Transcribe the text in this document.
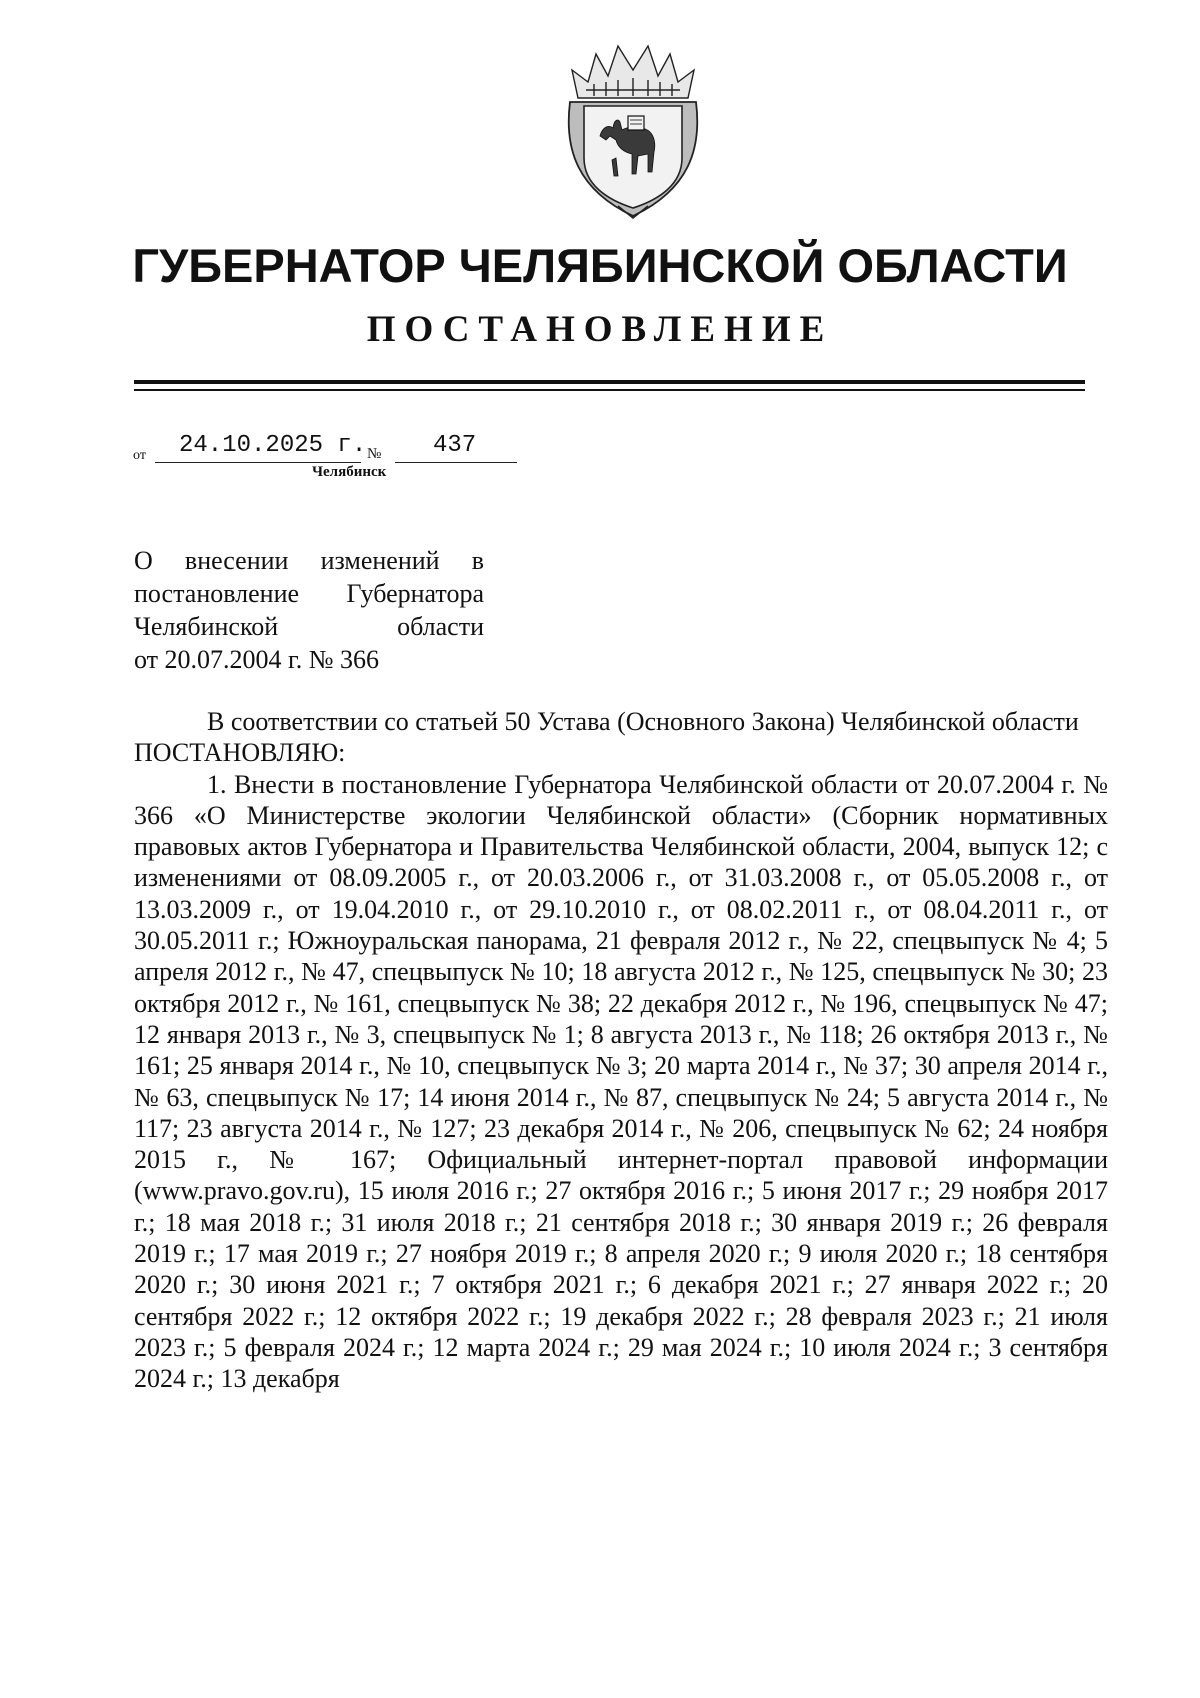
ГУБЕРНАТОР ЧЕЛЯБИНСКОЙ ОБЛАСТИ
ПОСТАНОВЛЕНИЕ
от 24.10.2025 г. № 437
Челябинск
О внесении изменений в
постановление Губернатора
Челябинской области
от 20.07.2004 г. № 366

В соответствии со статьей 50 Устава (Основного Закона) Челябинской области

ПОСТАНОВЛЯЮ:

1. Внести в постановление Губернатора Челябинской области от 20.07.2004 г. № 366 «О Министерстве экологии Челябинской области» (Сборник нормативных правовых актов Губернатора и Правительства Челябинской области, 2004, выпуск 12; с изменениями от 08.09.2005 г., от 20.03.2006 г., от 31.03.2008 г., от 05.05.2008 г., от 13.03.2009 г., от 19.04.2010 г., от 29.10.2010 г., от 08.02.2011 г., от 08.04.2011 г., от 30.05.2011 г.; Южноуральская панорама, 21 февраля 2012 г., № 22, спецвыпуск № 4; 5 апреля 2012 г., № 47, спецвыпуск № 10; 18 августа 2012 г., № 125, спецвыпуск № 30; 23 октября 2012 г., № 161, спецвыпуск № 38; 22 декабря 2012 г., № 196, спецвыпуск № 47; 12 января 2013 г., № 3, спецвыпуск № 1; 8 августа 2013 г., № 118; 26 октября 2013 г., № 161; 25 января 2014 г., № 10, спецвыпуск № 3; 20 марта 2014 г., № 37; 30 апреля 2014 г., № 63, спецвыпуск № 17; 14 июня 2014 г., № 87, спецвыпуск № 24; 5 августа 2014 г., № 117; 23 августа 2014 г., № 127; 23 декабря 2014 г., № 206, спецвыпуск № 62; 24 ноября 2015 г., № 167; Официальный интернет-портал правовой информации (www.pravo.gov.ru), 15 июля 2016 г.; 27 октября 2016 г.; 5 июня 2017 г.; 29 ноября 2017 г.; 18 мая 2018 г.; 31 июля 2018 г.; 21 сентября 2018 г.; 30 января 2019 г.; 26 февраля 2019 г.; 17 мая 2019 г.; 27 ноября 2019 г.; 8 апреля 2020 г.; 9 июля 2020 г.; 18 сентября 2020 г.; 30 июня 2021 г.; 7 октября 2021 г.; 6 декабря 2021 г.; 27 января 2022 г.; 20 сентября 2022 г.; 12 октября 2022 г.; 19 декабря 2022 г.; 28 февраля 2023 г.; 21 июля 2023 г.; 5 февраля 2024 г.; 12 марта 2024 г.; 29 мая 2024 г.; 10 июля 2024 г.; 3 сентября 2024 г.; 13 декабря
